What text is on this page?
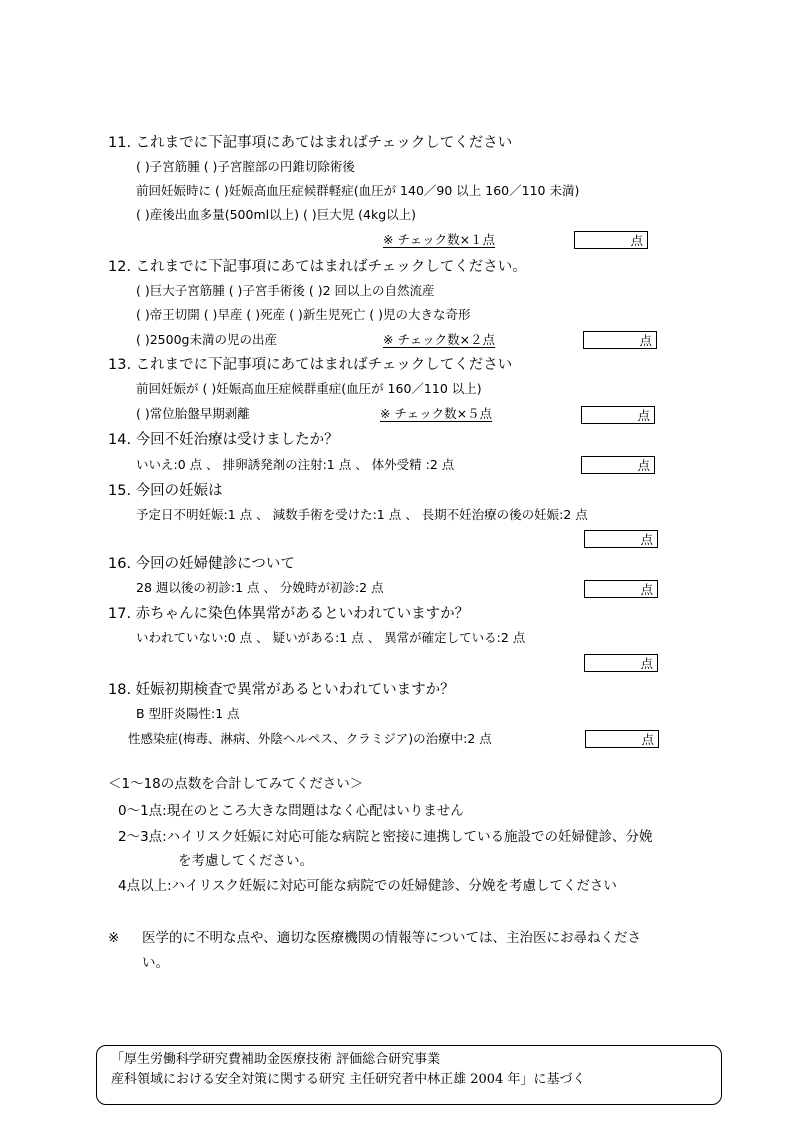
11. これまでに下記事項にあてはまればチェックしてください
( )子宮筋腫 ( )子宮膣部の円錐切除術後
前回妊娠時に ( )妊娠高血圧症候群軽症(血圧が 140／90 以上 160／110 未満)
( )産後出血多量(500ml以上) ( )巨大児 (4kg以上)
※ チェック数×１点	点
12. これまでに下記事項にあてはまればチェックしてください。
( )巨大子宮筋腫 ( )子宮手術後 ( )2 回以上の自然流産
( )帝王切開 ( )早産 ( )死産 ( )新生児死亡 ( )児の大きな奇形
( )2500g未満の児の出産	※ チェック数×２点	点
13. これまでに下記事項にあてはまればチェックしてください
前回妊娠が ( )妊娠高血圧症候群重症(血圧が 160／110 以上)
( )常位胎盤早期剥離	※ チェック数×５点	点
14. 今回不妊治療は受けましたか？
いいえ:0 点 、 排卵誘発剤の注射:1 点 、 体外受精 :2 点	点
15. 今回の妊娠は
予定日不明妊娠:1 点 、 減数手術を受けた:1 点 、 長期不妊治療の後の妊娠:2 点
点
16. 今回の妊婦健診について
28 週以後の初診:1 点 、 分娩時が初診:2 点	点
17. 赤ちゃんに染色体異常があるといわれていますか？
いわれていない:0 点 、 疑いがある:1 点 、 異常が確定している:2 点
点
18. 妊娠初期検査で異常があるといわれていますか？
B 型肝炎陽性:1 点
性感染症(梅毒、淋病、外陰ヘルペス、クラミジア)の治療中:2 点	点
＜1～18の点数を合計してみてください＞
0～1点:現在のところ大きな問題はなく心配はいりません
2～3点:ハイリスク妊娠に対応可能な病院と密接に連携している施設での妊婦健診、分娩
を考慮してください。
4点以上:ハイリスク妊娠に対応可能な病院での妊婦健診、分娩を考慮してください
※ 医学的に不明な点や、適切な医療機関の情報等については、主治医にお尋ねくださ
い。
「厚生労働科学研究費補助金医療技術 評価総合研究事業
産科領域における安全対策に関する研究 主任研究者中林正雄 2004 年」に基づく
